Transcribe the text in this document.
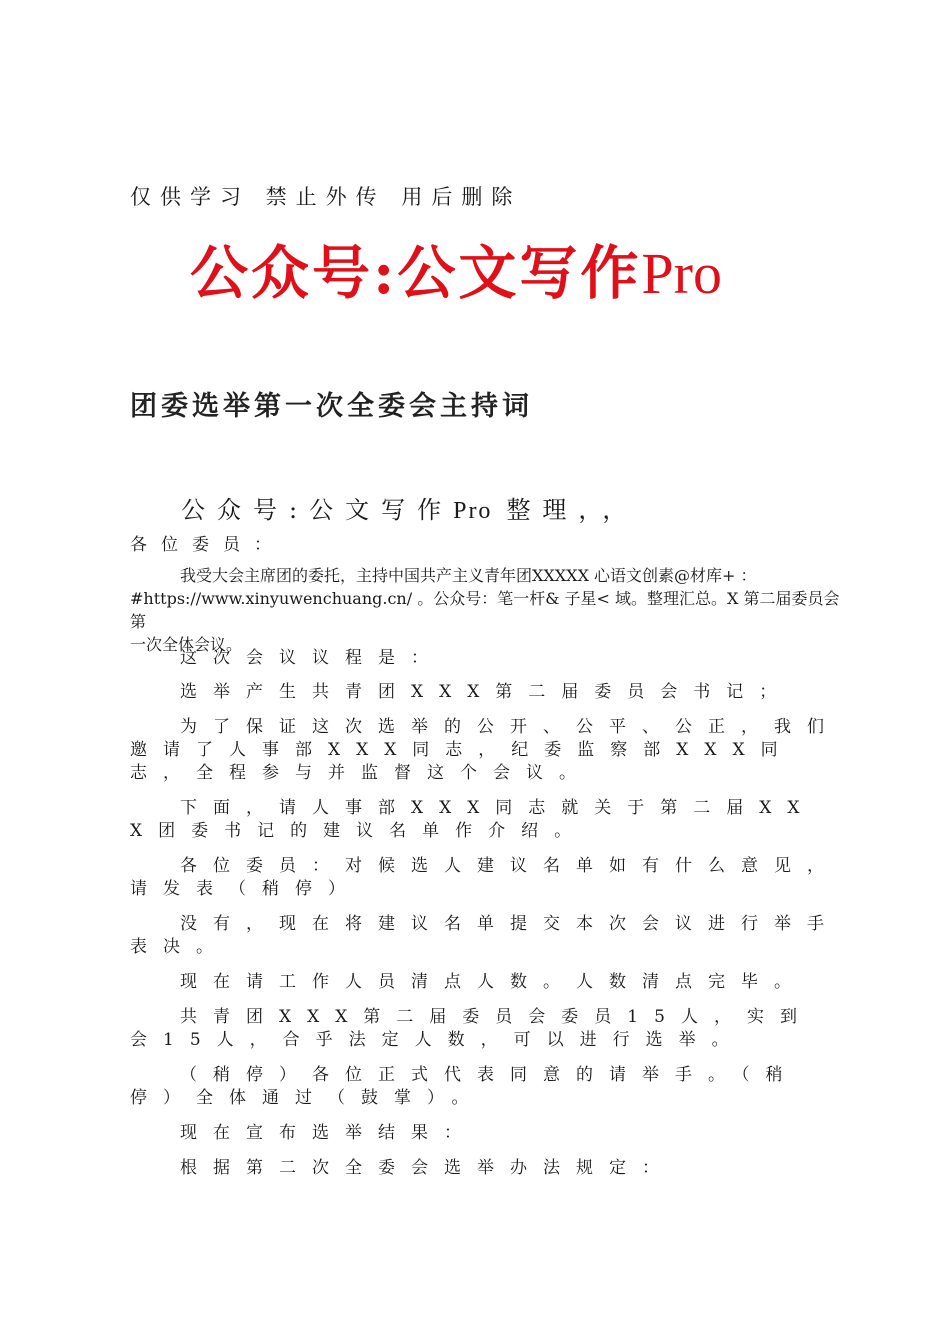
仅供学习 禁止外传 用后删除
公众号:公文写作Pro
团委选举第一次全委会主持词
公众号:公文写作Pro 整理，，
各位委员：
我受大会主席团的委托，主持中国共产主义青年团XXXXX 心语文创素@材库+ ：
#https://www.xinyuwenchuang.cn/ 。公众号：笔一杆& 子星< 域。整理汇总。X 第二届委员会第
一次全体会议。
这次会议议程是：
选举产生共青团XXX第二届委员会书记；
为了保证这次选举的公开、公平、公正，我们邀请了人事部XXX同志，纪委监察部XXX同志，全程参与并监督这个会议。
下面，请人事部XXX同志就关于第二届XXX团委书记的建议名单作介绍。
各位委员：对候选人建议名单如有什么意见，请发表（稍停）
没有，现在将建议名单提交本次会议进行举手表决。
现在请工作人员清点人数。人数清点完毕。
共青团XXX第二届委员会委员15人，实到会15人，合乎法定人数，可以进行选举。
（稍停）各位正式代表同意的请举手。（稍停）全体通过（鼓掌）。
现在宣布选举结果：
根据第二次全委会选举办法规定：
